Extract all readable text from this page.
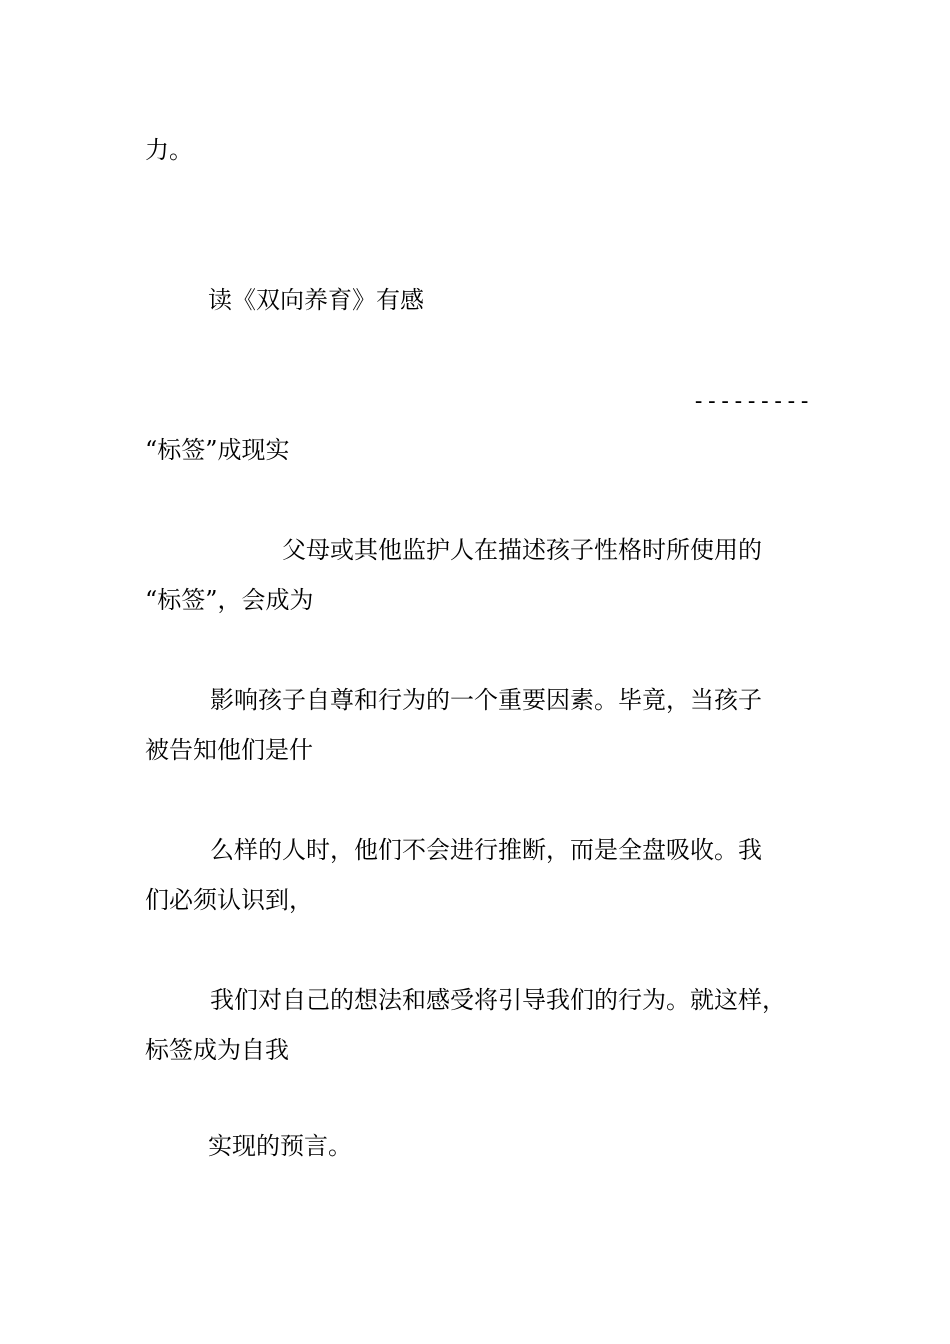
力。
读《双向养育》有感
---------
“标签”成现实
父母或其他监护人在描述孩子性格时所使用的
“标签”，会成为
影响孩子自尊和行为的一个重要因素。毕竟，当孩子
被告知他们是什
么样的人时，他们不会进行推断，而是全盘吸收。我
们必须认识到，
我们对自己的想法和感受将引导我们的行为。就这样，
标签成为自我
实现的预言。
